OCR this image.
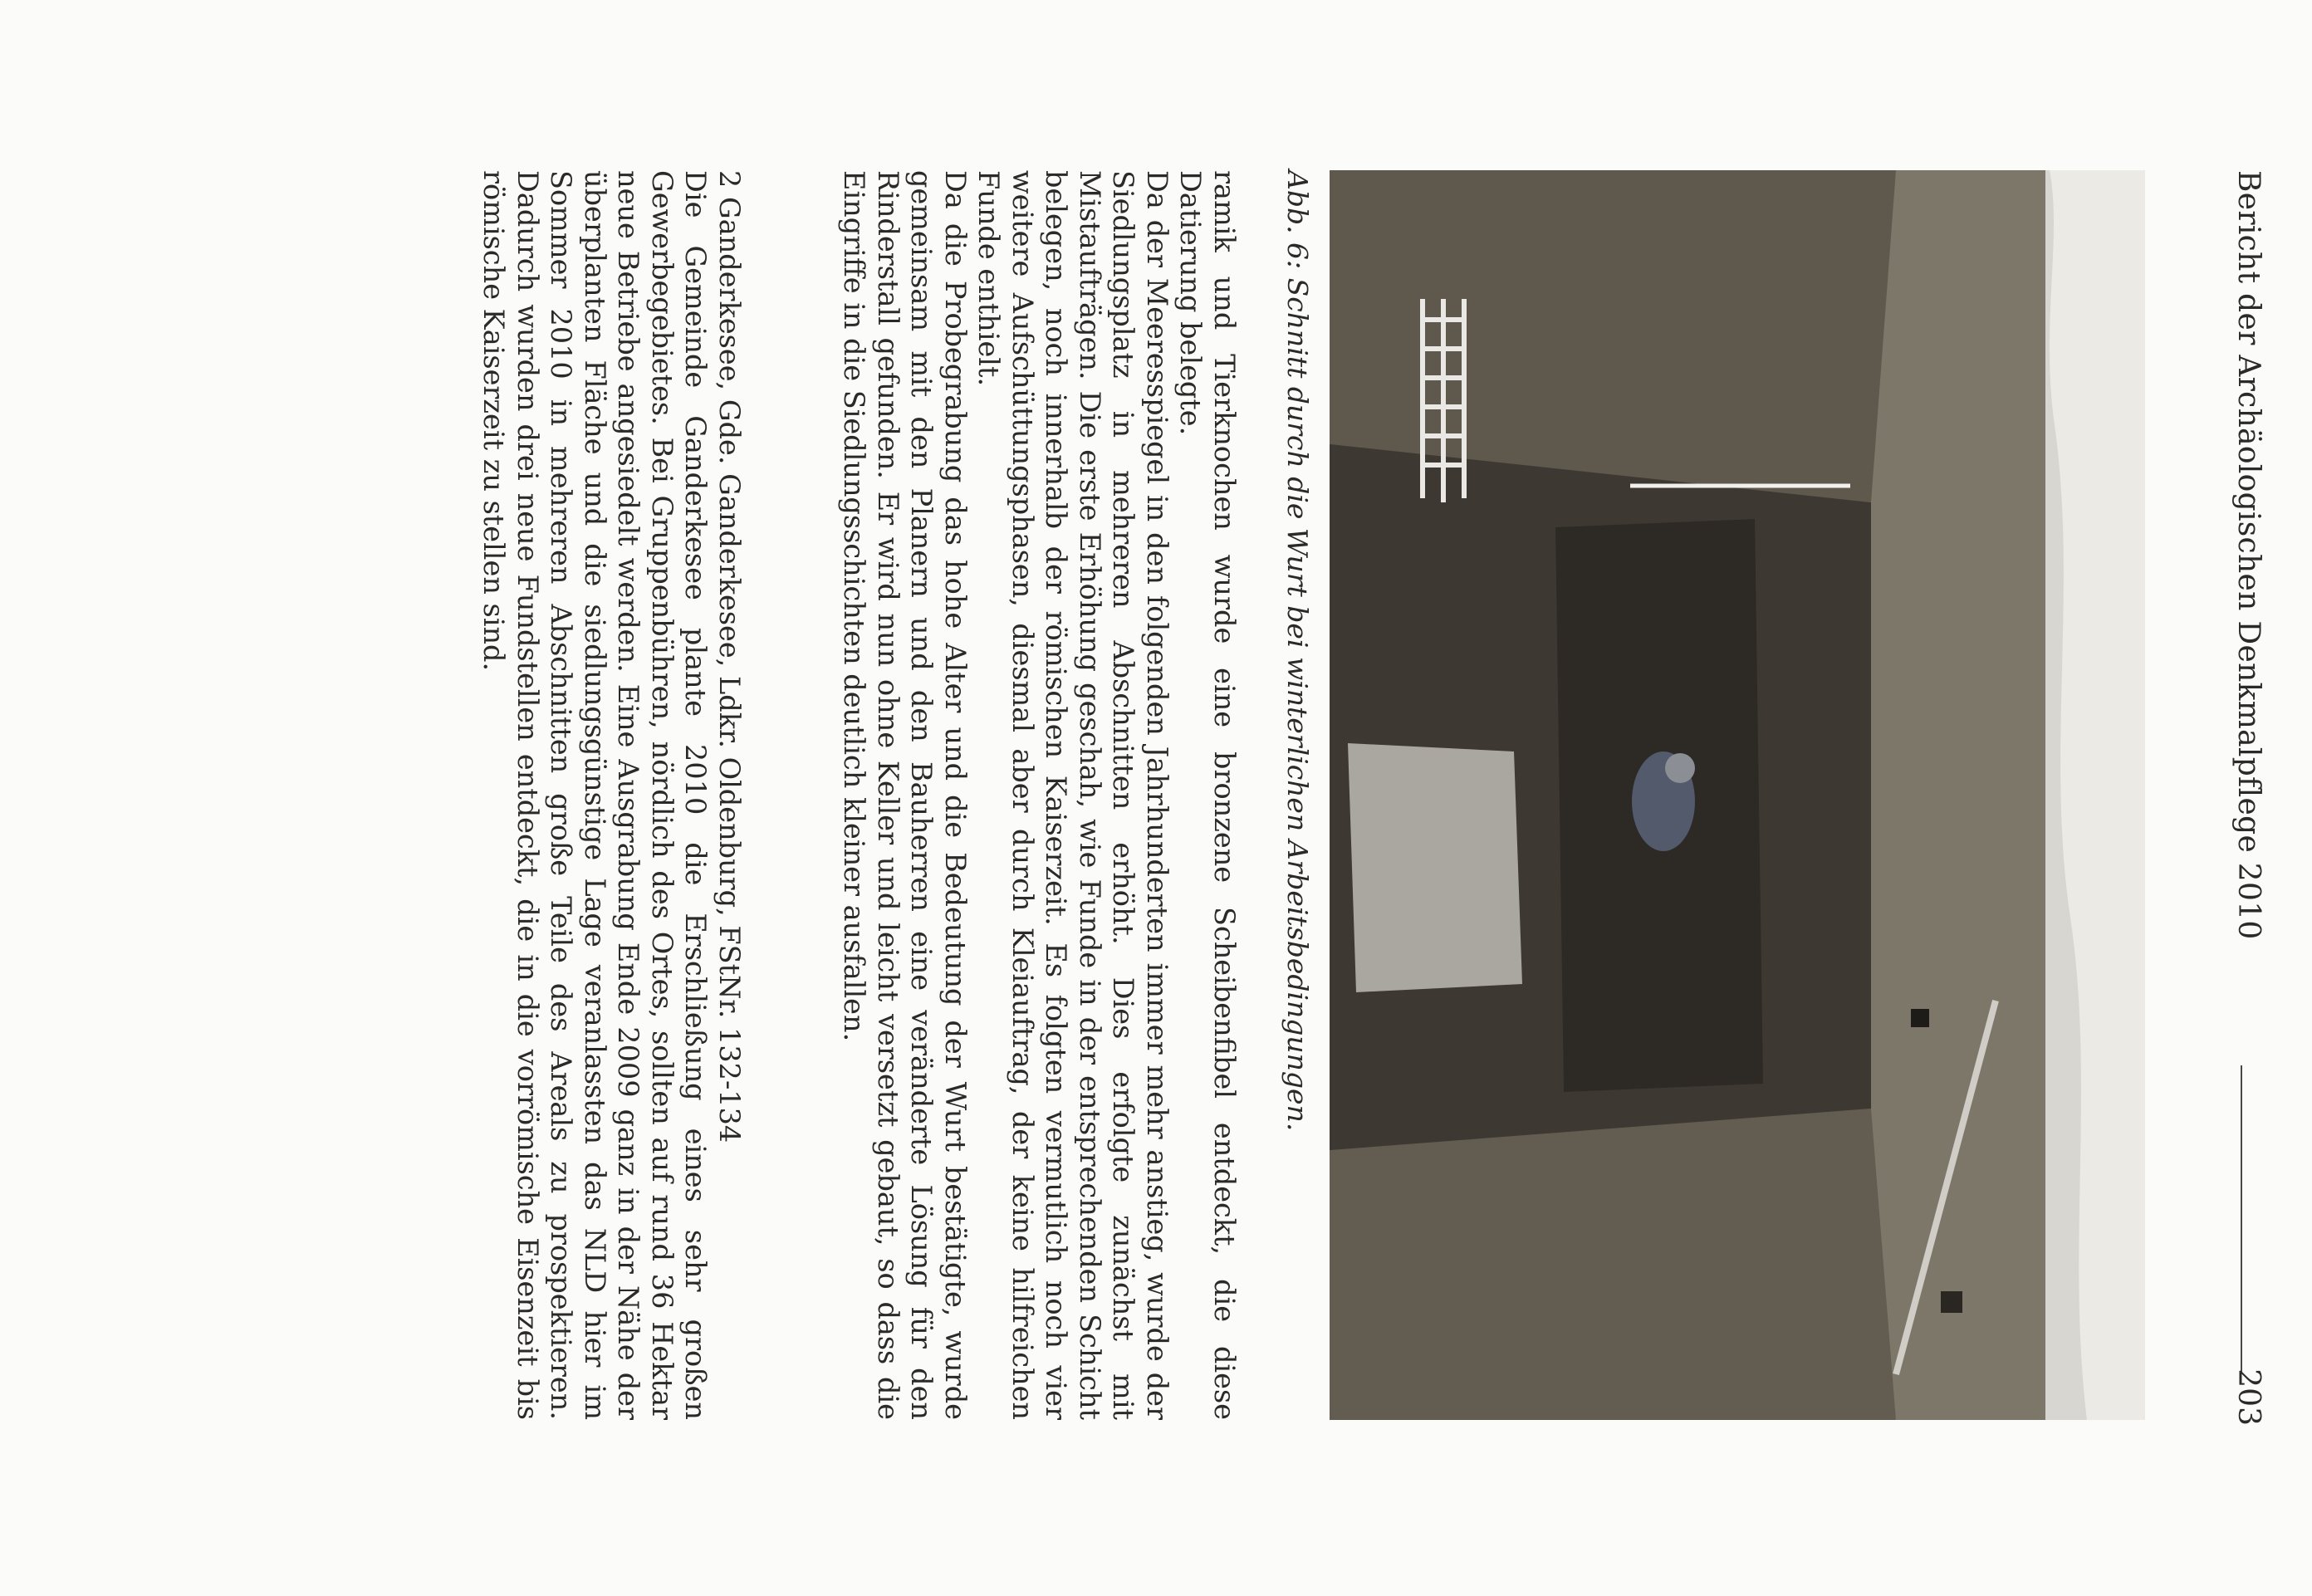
Bericht der Archäologischen Denkmalpflege 2010
203
Abb. 6: Schnitt durch die Wurt bei winterlichen Arbeitsbedingungen.

ramik und Tierknochen wurde eine bronzene Scheibenfibel entdeckt, die diese Datierung belegte.

Da der Meeresspiegel in den folgenden Jahrhunderten immer mehr anstieg, wurde der Siedlungsplatz in mehreren Abschnitten erhöht. Dies erfolgte zunächst mit Mistaufträgen. Die erste Erhöhung geschah, wie Funde in der entsprechenden Schicht belegen, noch innerhalb der römischen Kaiserzeit. Es folgten vermutlich noch vier weitere Aufschüttungsphasen, diesmal aber durch Kleiauftrag, der keine hilfreichen Funde enthielt.

Da die Probegrabung das hohe Alter und die Bedeutung der Wurt bestätigte, wurde gemeinsam mit den Planern und den Bauherren eine veränderte Lösung für den Rinderstall gefunden. Er wird nun ohne Keller und leicht versetzt gebaut, so dass die Eingriffe in die Siedlungsschichten deutlich kleiner ausfallen.

2 Ganderkesee, Gde. Ganderkesee, Ldkr. Oldenburg, FStNr. 132-134

Die Gemeinde Ganderkesee plante 2010 die Erschließung eines sehr großen Gewerbegebietes. Bei Gruppenbühren, nördlich des Ortes, sollten auf rund 36 Hektar neue Betriebe angesiedelt werden. Eine Ausgrabung Ende 2009 ganz in der Nähe der überplanten Fläche und die siedlungsgünstige Lage veranlassten das NLD hier im Sommer 2010 in mehreren Abschnitten große Teile des Areals zu prospektieren. Dadurch wurden drei neue Fundstellen entdeckt, die in die vorrömische Eisenzeit bis römische Kaiserzeit zu stellen sind.
